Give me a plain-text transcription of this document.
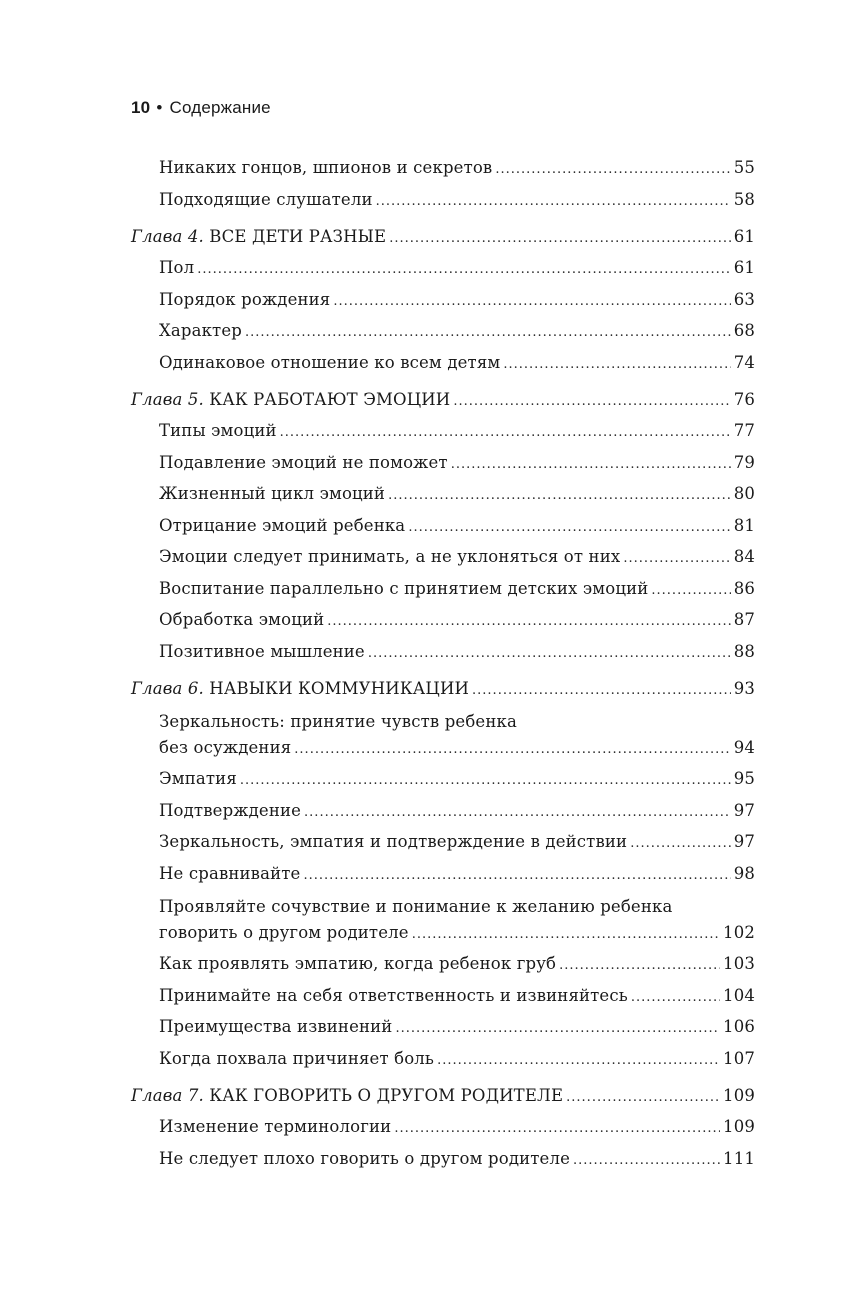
10 • Содержание
Никаких гонцов, шпионов и секретов .....	55
Подходящие слушатели .....	58
Глава 4. ВСЕ ДЕТИ РАЗНЫЕ .....	61
Пол .....	61
Порядок рождения .....	63
Характер .....	68
Одинаковое отношение ко всем детям .....	74
Глава 5. КАК РАБОТАЮТ ЭМОЦИИ .....	76
Типы эмоций .....	77
Подавление эмоций не поможет .....	79
Жизненный цикл эмоций .....	80
Отрицание эмоций ребенка .....	81
Эмоции следует принимать, а не уклоняться от них .....	84
Воспитание параллельно с принятием детских эмоций .....	86
Обработка эмоций .....	87
Позитивное мышление .....	88
Глава 6. НАВЫКИ КОММУНИКАЦИИ .....	93
Зеркальность: принятие чувств ребенка
без осуждения .....	94
Эмпатия .....	95
Подтверждение .....	97
Зеркальность, эмпатия и подтверждение в действии .....	97
Не сравнивайте .....	98
Проявляйте сочувствие и понимание к желанию ребенка
говорить о другом родителе .....	102
Как проявлять эмпатию, когда ребенок груб .....	103
Принимайте на себя ответственность и извиняйтесь .....	104
Преимущества извинений .....	106
Когда похвала причиняет боль .....	107
Глава 7. КАК ГОВОРИТЬ О ДРУГОМ РОДИТЕЛЕ .....	109
Изменение терминологии .....	109
Не следует плохо говорить о другом родителе .....	111
